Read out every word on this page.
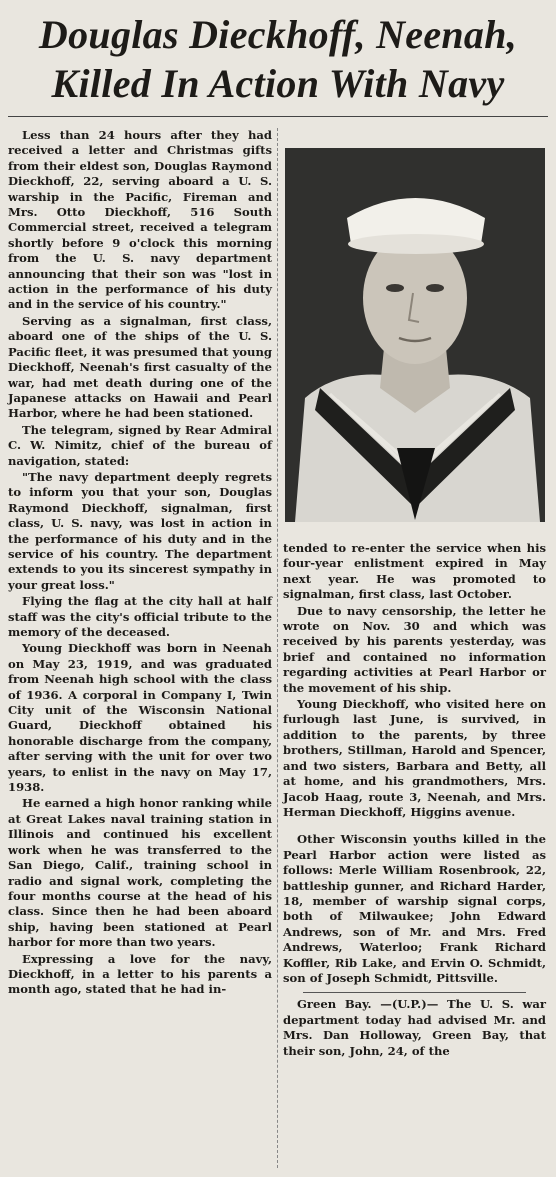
Douglas Dieckhoff, Neenah,
Killed In Action With Navy

Less than 24 hours after they had received a letter and Christmas gifts from their eldest son, Douglas Raymond Dieckhoff, 22, serving aboard a U. S. warship in the Pacific, Fireman and Mrs. Otto Dieckhoff, 516 South Commercial street, received a telegram shortly before 9 o'clock this morning from the U. S. navy department announcing that their son was "lost in action in the performance of his duty and in the service of his country."

Serving as a signalman, first class, aboard one of the ships of the U. S. Pacific fleet, it was presumed that young Dieckhoff, Neenah's first casualty of the war, had met death during one of the Japanese attacks on Hawaii and Pearl Harbor, where he had been stationed.

The telegram, signed by Rear Admiral C. W. Nimitz, chief of the bureau of navigation, stated:

"The navy department deeply regrets to inform you that your son, Douglas Raymond Dieckhoff, signalman, first class, U. S. navy, was lost in action in the performance of his duty and in the service of his country. The department extends to you its sincerest sympathy in your great loss."

Flying the flag at the city hall at half staff was the city's official tribute to the memory of the deceased.

Young Dieckhoff was born in Neenah on May 23, 1919, and was graduated from Neenah high school with the class of 1936. A corporal in Company I, Twin City unit of the Wisconsin National Guard, Dieckhoff obtained his honorable discharge from the company, after serving with the unit for over two years, to enlist in the navy on May 17, 1938.

He earned a high honor ranking while at Great Lakes naval training station in Illinois and continued his excellent work when he was transferred to the San Diego, Calif., training school in radio and signal work, completing the four months course at the head of his class. Since then he had been aboard ship, having been stationed at Pearl harbor for more than two years.

Expressing a love for the navy, Dieckhoff, in a letter to his parents a month ago, stated that he had in-

tended to re-enter the service when his four-year enlistment expired in May next year. He was promoted to signalman, first class, last October.

Due to navy censorship, the letter he wrote on Nov. 30 and which was received by his parents yesterday, was brief and contained no information regarding activities at Pearl Harbor or the movement of his ship.

Young Dieckhoff, who visited here on furlough last June, is survived, in addition to the parents, by three brothers, Stillman, Harold and Spencer, and two sisters, Barbara and Betty, all at home, and his grandmothers, Mrs. Jacob Haag, route 3, Neenah, and Mrs. Herman Dieckhoff, Higgins avenue.

Other Wisconsin youths killed in the Pearl Harbor action were listed as follows: Merle William Rosenbrook, 22, battleship gunner, and Richard Harder, 18, member of warship signal corps, both of Milwaukee; John Edward Andrews, son of Mr. and Mrs. Fred Andrews, Waterloo; Frank Richard Koffler, Rib Lake, and Ervin O. Schmidt, son of Joseph Schmidt, Pittsville.

Green Bay. —(U.P.)— The U. S. war department today had advised Mr. and Mrs. Dan Holloway, Green Bay, that their son, John, 24, of the
